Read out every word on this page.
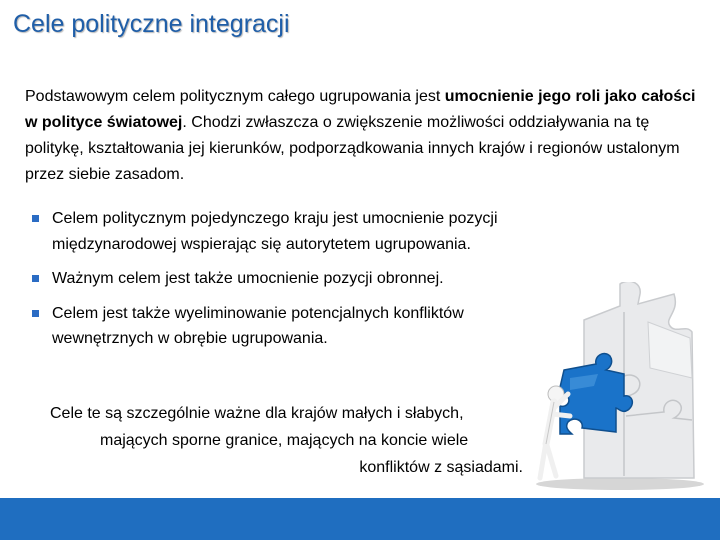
Cele polityczne integracji

Podstawowym celem politycznym całego ugrupowania jest umocnienie jego roli jako całości w polityce światowej. Chodzi zwłaszcza o zwiększenie możliwości oddziaływania na tę politykę, kształtowania jej kierunków, podporządkowania innych krajów i regionów ustalonym przez siebie zasadom.

Celem politycznym pojedynczego kraju jest umocnienie pozycji międzynarodowej wspierając się autorytetem ugrupowania.
Ważnym celem jest także umocnienie pozycji obronnej.
Celem jest także wyeliminowanie potencjalnych konfliktów wewnętrznych w obrębie ugrupowania.

Cele te są szczególnie ważne dla krajów małych i słabych,
mających sporne granice, mających na koncie wiele
konfliktów z sąsiadami.
